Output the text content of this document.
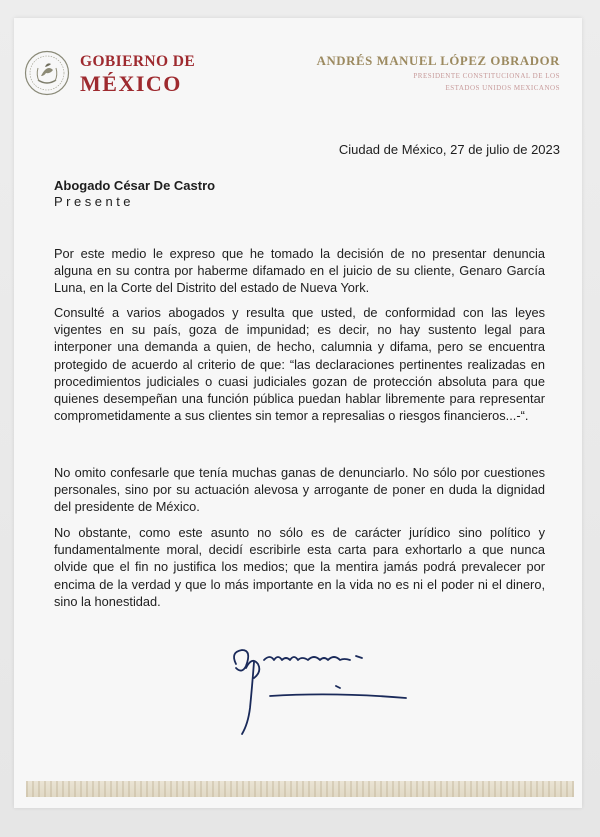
GOBIERNO DE
MÉXICO
ANDRÉS MANUEL LÓPEZ OBRADOR
PRESIDENTE CONSTITUCIONAL DE LOS
ESTADOS UNIDOS MEXICANOS
Ciudad de México, 27 de julio de 2023
Abogado César De Castro
Presente
Por este medio le expreso que he tomado la decisión de no presentar denuncia alguna en su contra por haberme difamado en el juicio de su cliente, Genaro García Luna, en la Corte del Distrito del estado de Nueva York.
Consulté a varios abogados y resulta que usted, de conformidad con las leyes vigentes en su país, goza de impunidad; es decir, no hay sustento legal para interponer una demanda a quien, de hecho, calumnia y difama, pero se encuentra protegido de acuerdo al criterio de que: “las declaraciones pertinentes realizadas en procedimientos judiciales o cuasi judiciales gozan de protección absoluta para que quienes desempeñan una función pública puedan hablar libremente para representar comprometidamente a sus clientes sin temor a represalias o riesgos financieros...-“.
No omito confesarle que tenía muchas ganas de denunciarlo. No sólo por cuestiones personales, sino por su actuación alevosa y arrogante de poner en duda la dignidad del presidente de México.
No obstante, como este asunto no sólo es de carácter jurídico sino político y fundamentalmente moral, decidí escribirle esta carta para exhortarlo a que nunca olvide que el fin no justifica los medios; que la mentira jamás podrá prevalecer por encima de la verdad y que lo más importante en la vida no es ni el poder ni el dinero, sino la honestidad.
